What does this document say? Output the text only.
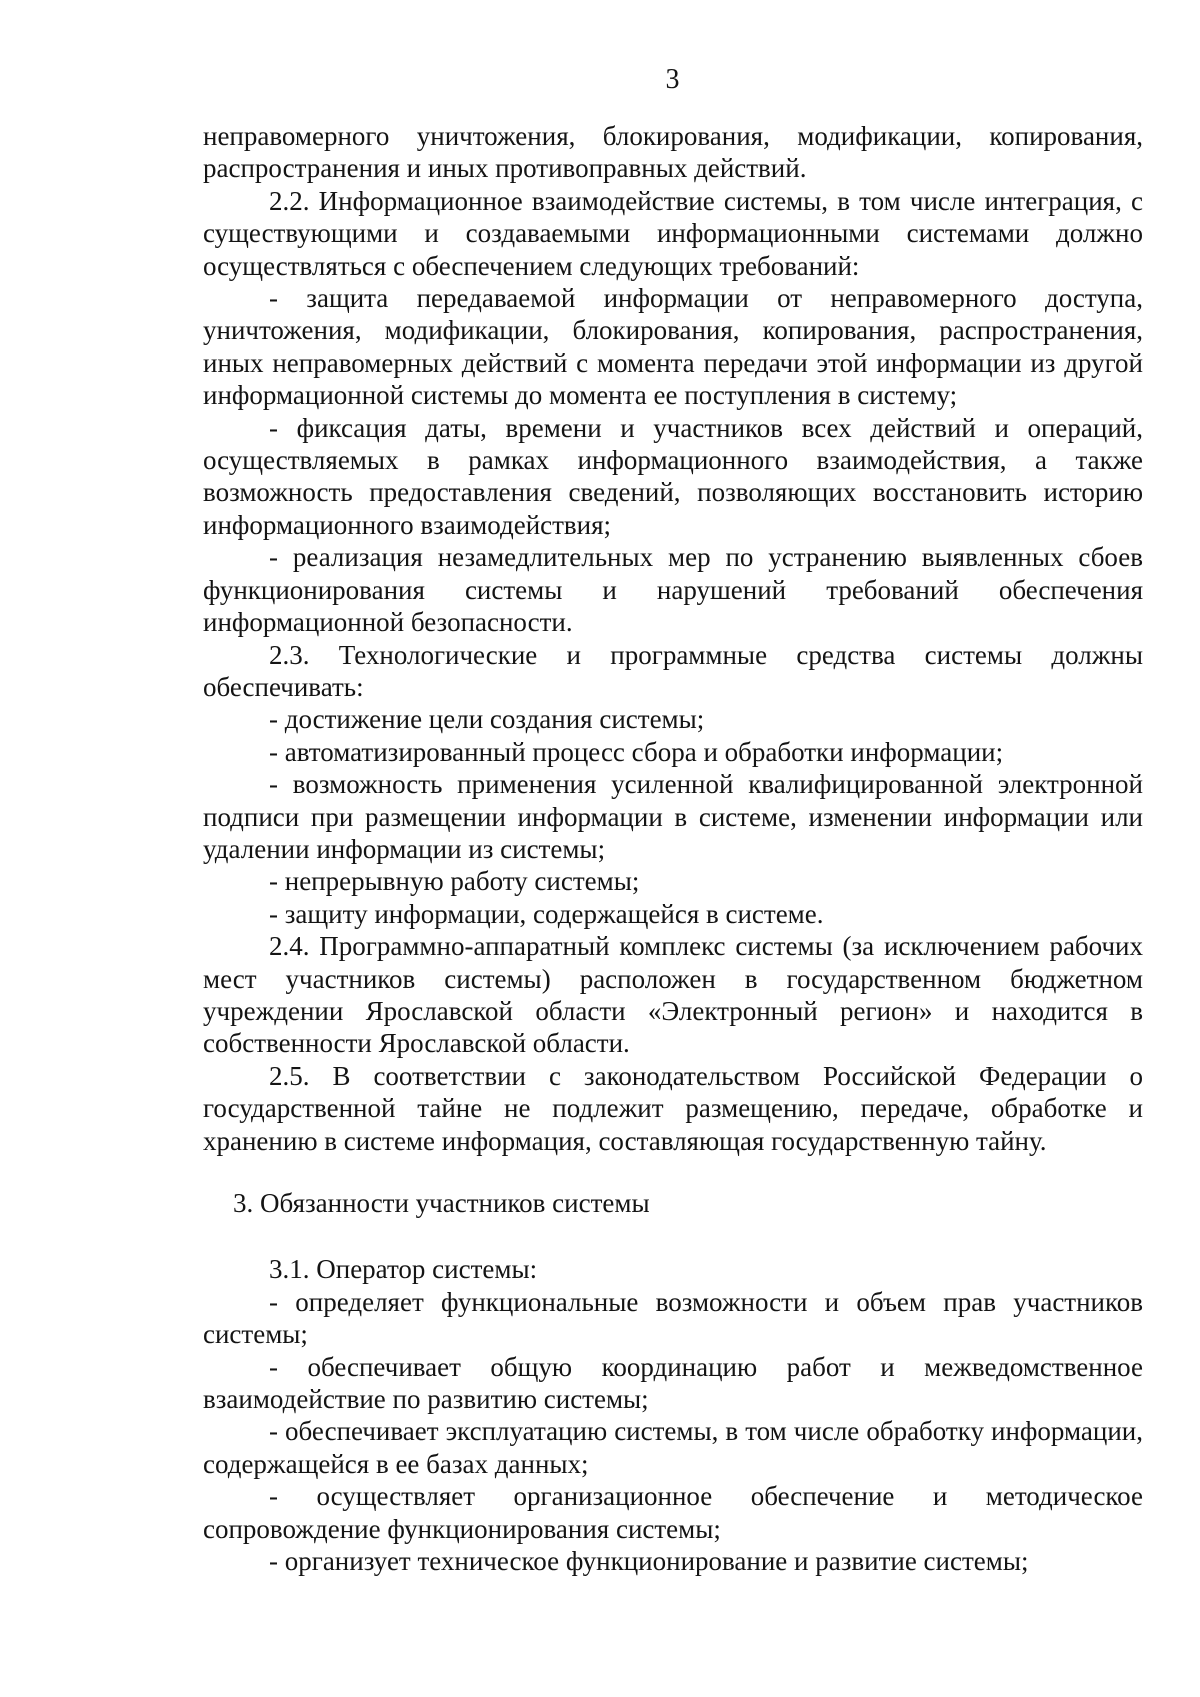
3

неправомерного уничтожения, блокирования, модификации, копирования, распространения и иных противоправных действий.

2.2. Информационное взаимодействие системы, в том числе интеграция, с существующими и создаваемыми информационными системами должно осуществляться с обеспечением следующих требований:

- защита передаваемой информации от неправомерного доступа, уничтожения, модификации, блокирования, копирования, распространения, иных неправомерных действий с момента передачи этой информации из другой информационной системы до момента ее поступления в систему;

- фиксация даты, времени и участников всех действий и операций, осуществляемых в рамках информационного взаимодействия, а также возможность предоставления сведений, позволяющих восстановить историю информационного взаимодействия;

- реализация незамедлительных мер по устранению выявленных сбоев функционирования системы и нарушений требований обеспечения информационной безопасности.

2.3. Технологические и программные средства системы должны обеспечивать:

- достижение цели создания системы;

- автоматизированный процесс сбора и обработки информации;

- возможность применения усиленной квалифицированной электронной подписи при размещении информации в системе, изменении информации или удалении информации из системы;

- непрерывную работу системы;

- защиту информации, содержащейся в системе.

2.4. Программно-аппаратный комплекс системы (за исключением рабочих мест участников системы) расположен в государственном бюджетном учреждении Ярославской области «Электронный регион» и находится в собственности Ярославской области.

2.5. В соответствии с законодательством Российской Федерации о государственной тайне не подлежит размещению, передаче, обработке и хранению в системе информация, составляющая государственную тайну.

3. Обязанности участников системы

3.1. Оператор системы:

- определяет функциональные возможности и объем прав участников системы;

- обеспечивает общую координацию работ и межведомственное взаимодействие по развитию системы;

- обеспечивает эксплуатацию системы, в том числе обработку информации, содержащейся в ее базах данных;

- осуществляет организационное обеспечение и методическое сопровождение функционирования системы;

- организует техническое функционирование и развитие системы;
